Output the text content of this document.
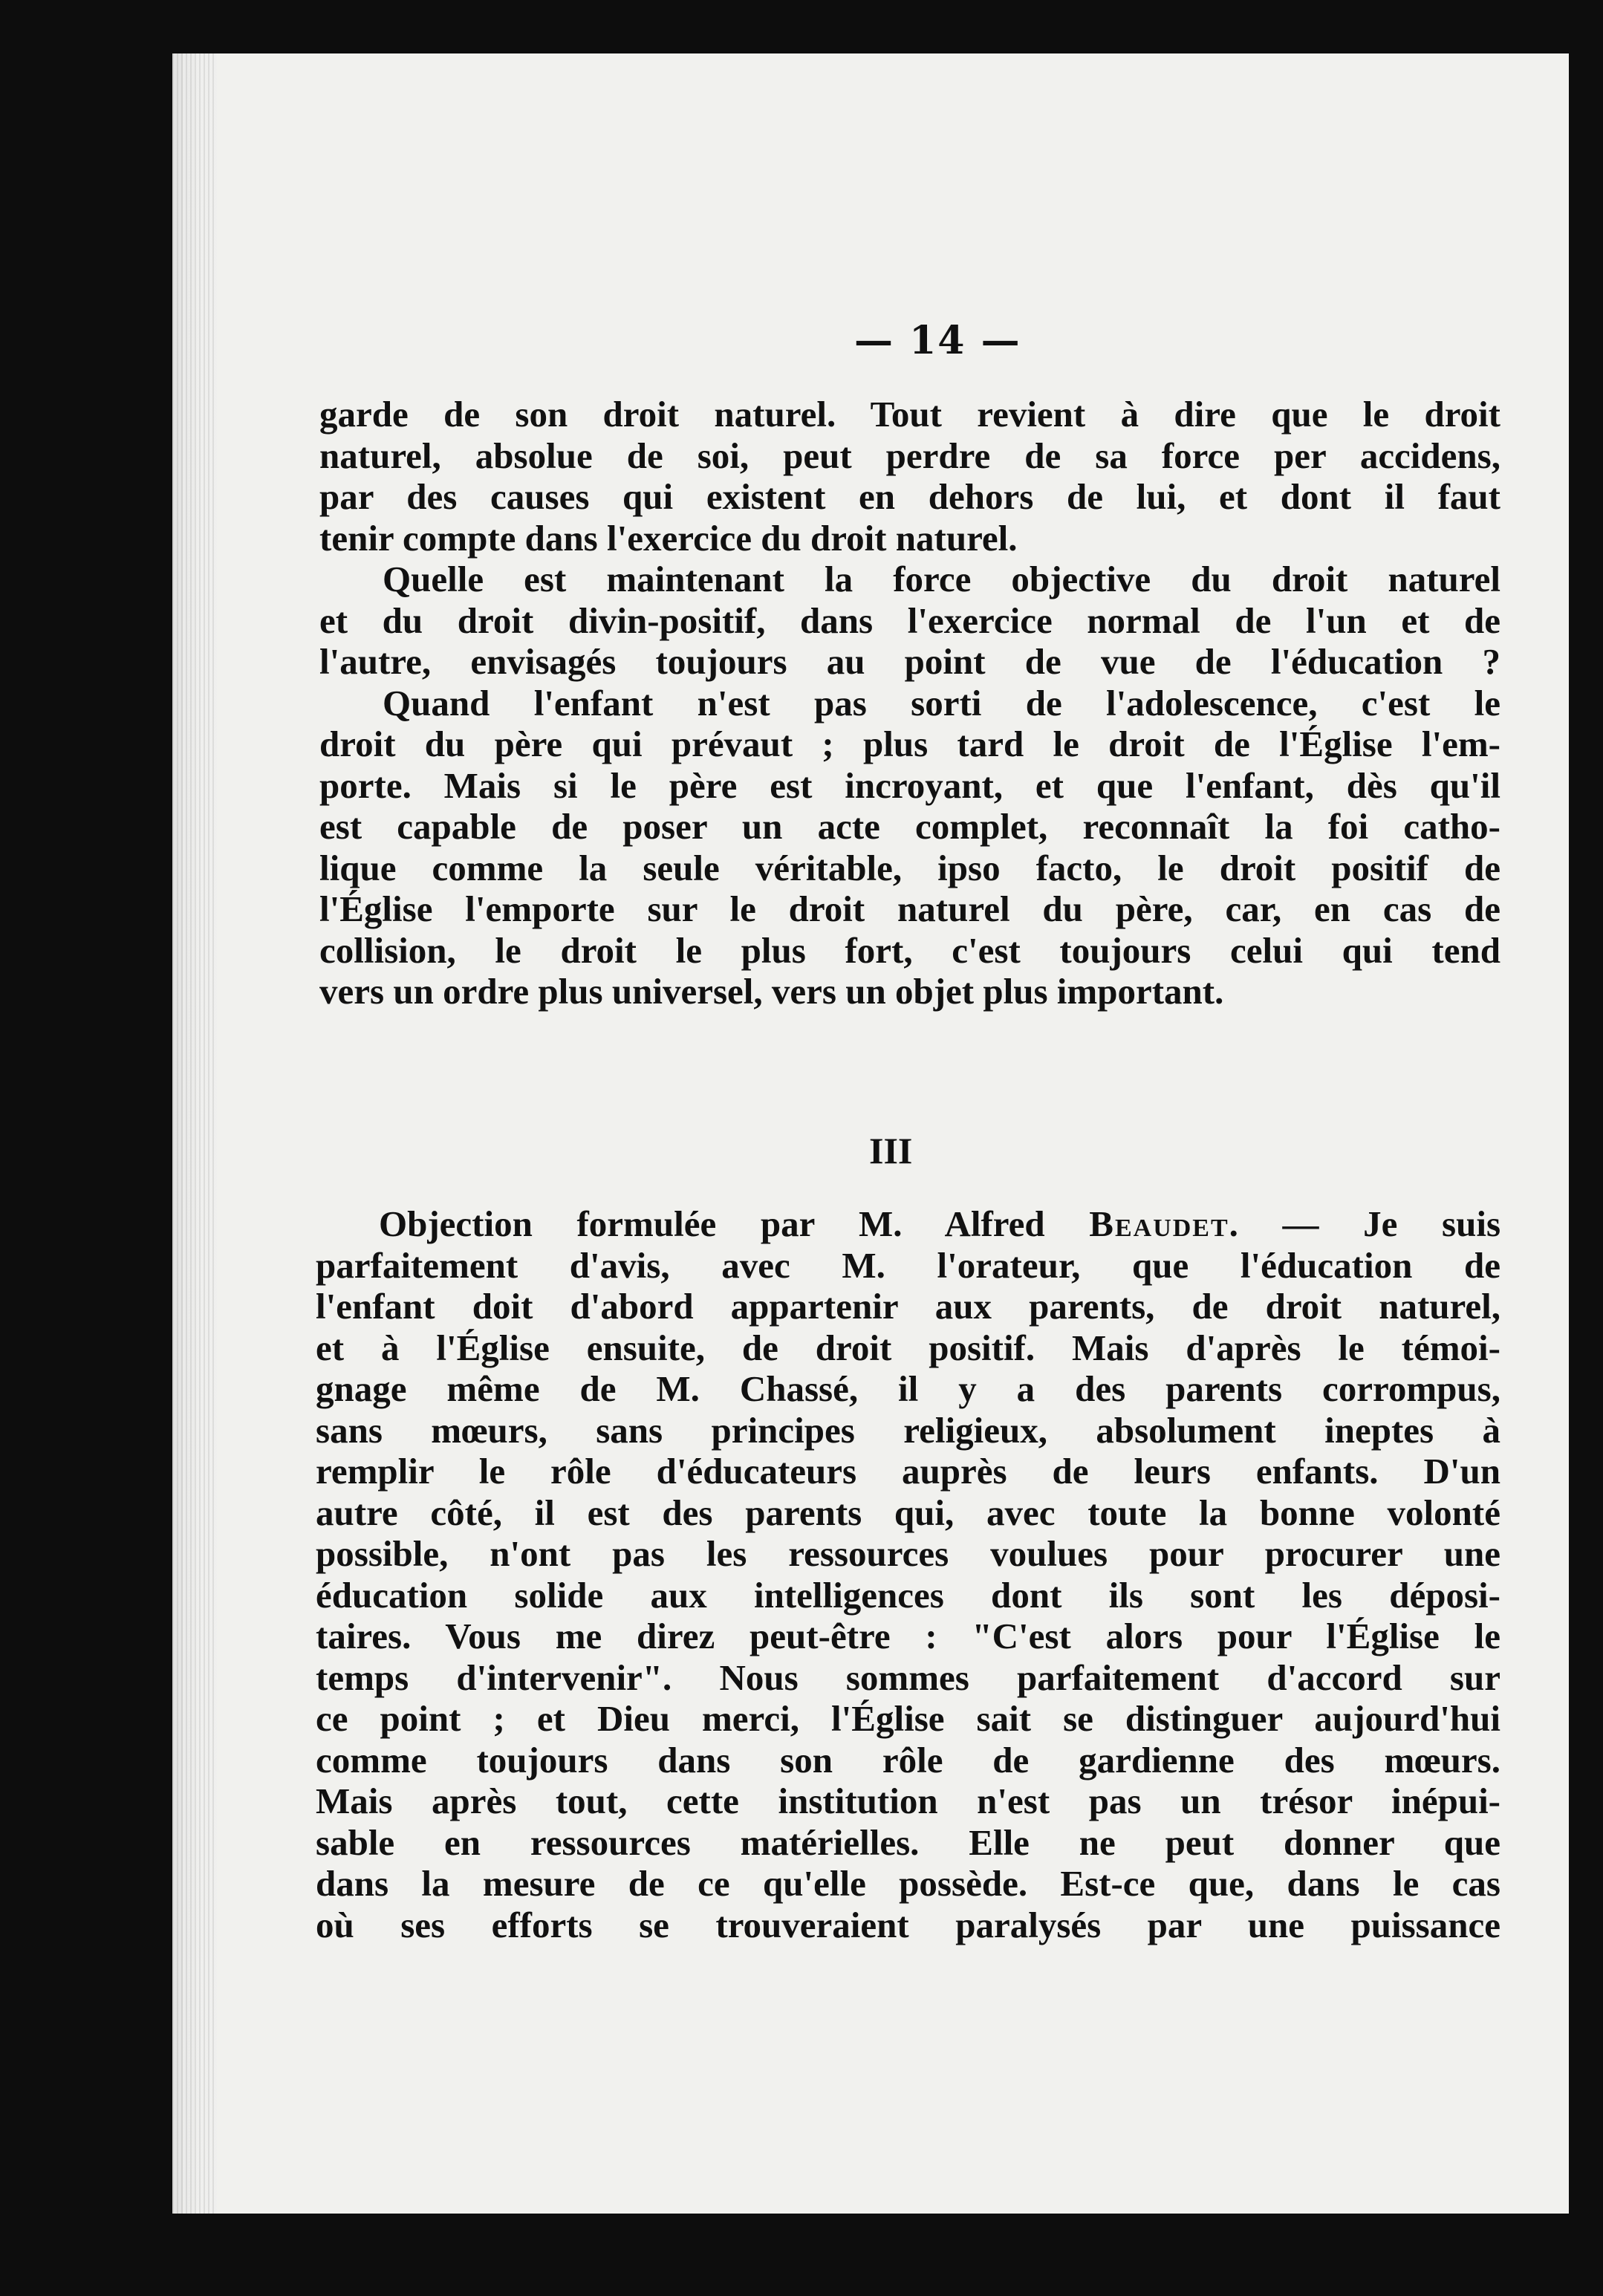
— 14 —
garde de son droit naturel. Tout revient à dire que le droit
naturel, absolue de soi, peut perdre de sa force per accidens,
par des causes qui existent en dehors de lui, et dont il faut
tenir compte dans l'exercice du droit naturel.
Quelle est maintenant la force objective du droit naturel
et du droit divin-positif, dans l'exercice normal de l'un et de
l'autre, envisagés toujours au point de vue de l'éducation ?
Quand l'enfant n'est pas sorti de l'adolescence, c'est le
droit du père qui prévaut ; plus tard le droit de l'Église l'em-
porte. Mais si le père est incroyant, et que l'enfant, dès qu'il
est capable de poser un acte complet, reconnaît la foi catho-
lique comme la seule véritable, ipso facto, le droit positif de
l'Église l'emporte sur le droit naturel du père, car, en cas de
collision, le droit le plus fort, c'est toujours celui qui tend
vers un ordre plus universel, vers un objet plus important.
III
Objection formulée par M. Alfred Beaudet. — Je suis
parfaitement d'avis, avec M. l'orateur, que l'éducation de
l'enfant doit d'abord appartenir aux parents, de droit naturel,
et à l'Église ensuite, de droit positif. Mais d'après le témoi-
gnage même de M. Chassé, il y a des parents corrompus,
sans mœurs, sans principes religieux, absolument ineptes à
remplir le rôle d'éducateurs auprès de leurs enfants. D'un
autre côté, il est des parents qui, avec toute la bonne volonté
possible, n'ont pas les ressources voulues pour procurer une
éducation solide aux intelligences dont ils sont les déposi-
taires. Vous me direz peut-être : "C'est alors pour l'Église le
temps d'intervenir". Nous sommes parfaitement d'accord sur
ce point ; et Dieu merci, l'Église sait se distinguer aujourd'hui
comme toujours dans son rôle de gardienne des mœurs.
Mais après tout, cette institution n'est pas un trésor inépui-
sable en ressources matérielles. Elle ne peut donner que
dans la mesure de ce qu'elle possède. Est-ce que, dans le cas
où ses efforts se trouveraient paralysés par une puissance
